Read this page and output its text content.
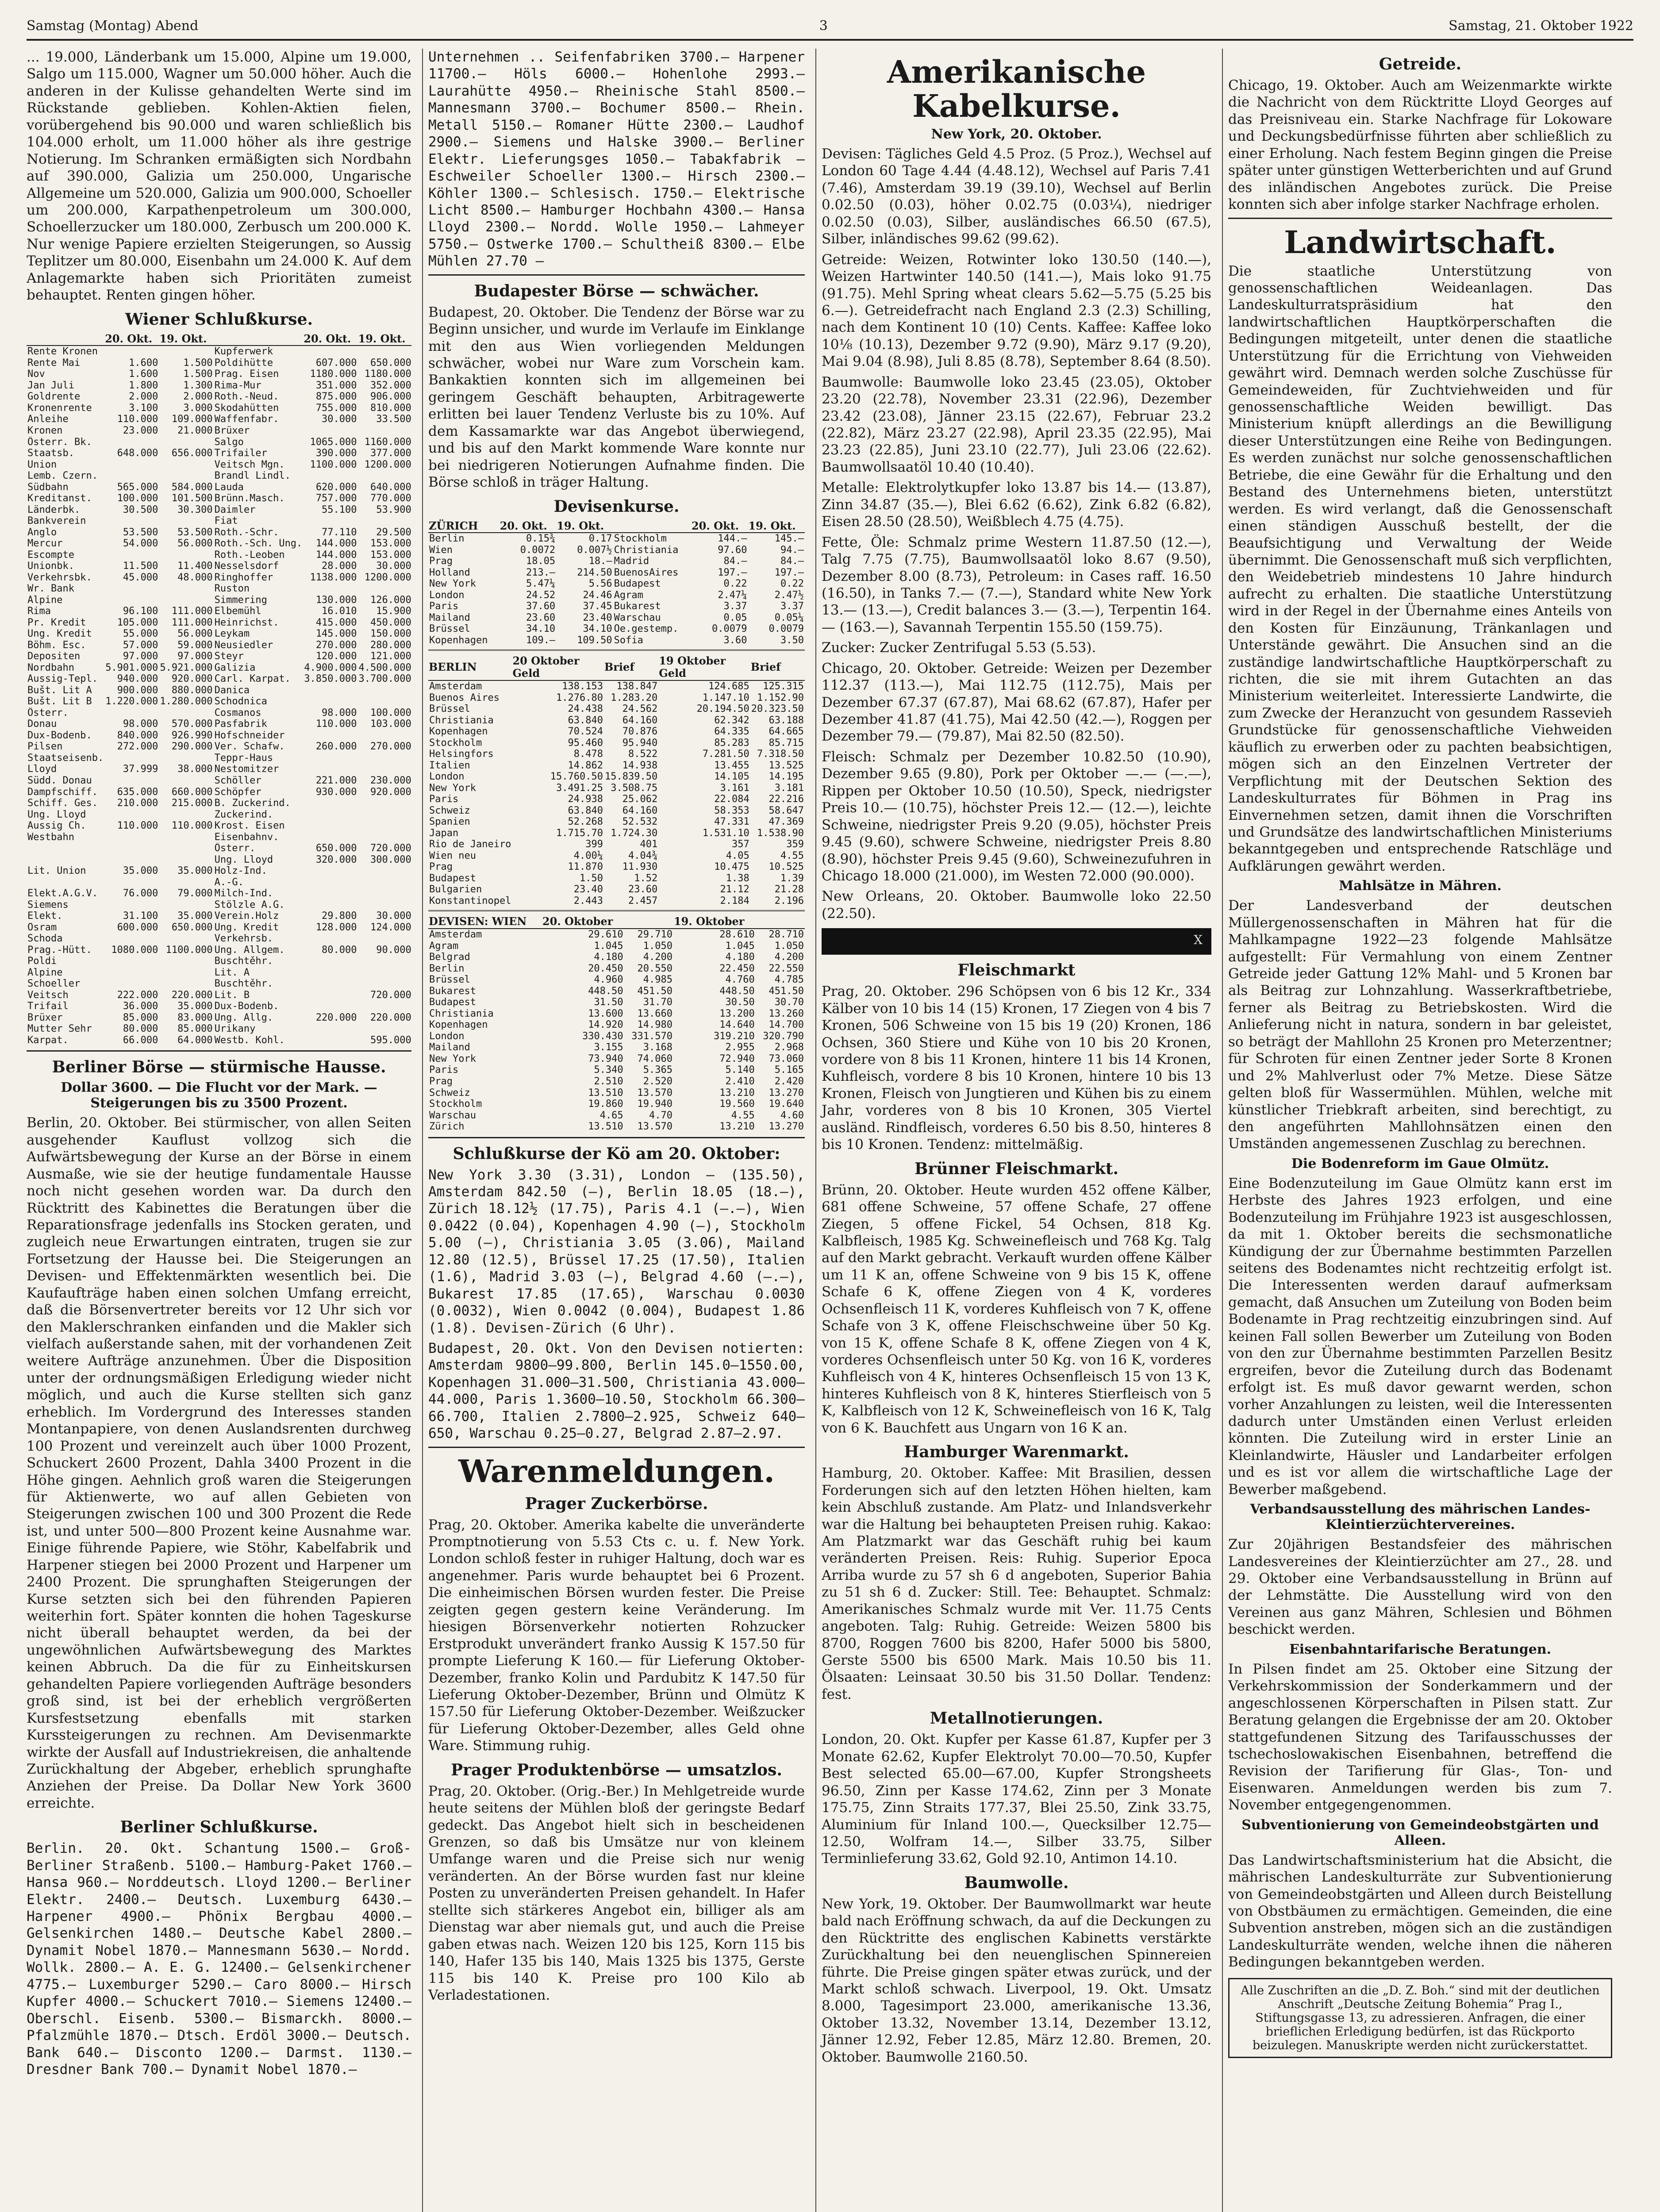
Samstag (Montag) Abend	3	Samstag, 21. Oktober 1922

... 19.000, Länderbank um 15.000, Alpine um 19.000, Salgo um 115.000, Wagner um 50.000 höher. Auch die anderen in der Kulisse gehandelten Werte sind im Rückstande geblieben. Kohlen-Aktien fielen, vorübergehend bis 90.000 und waren schließlich bis 104.000 erholt, um 11.000 höher als ihre gestrige Notierung. Im Schranken ermäßigten sich Nordbahn auf 390.000, Galizia um 250.000, Ungarische Allgemeine um 520.000, Galizia um 900.000, Schoeller um 200.000, Karpathenpetroleum um 300.000, Schoellerzucker um 180.000, Zerbusch um 200.000 K. Nur wenige Papiere erzielten Steigerungen, so Aussig Teplitzer um 80.000, Eisenbahn um 24.000 K. Auf dem Anlagemarkte haben sich Prioritäten zumeist behauptet. Renten gingen höher.

Wiener Schlußkurse.
	20. Okt.	19. Okt.		20. Okt.	19. Okt.
Rente Kronen			Kupferwerk		
Rente Mai	1.600	1.500	Poldihütte	607.000	650.000
Nov	1.600	1.500	Prag. Eisen	1180.000	1180.000
Jan Juli	1.800	1.300	Rima-Mur	351.000	352.000
Goldrente	2.000	2.000	Roth.-Neud.	875.000	906.000
Kronenrente	3.100	3.000	Skodahütten	755.000	810.000
Anleihe	110.000	109.000	Waffenfabr.	30.000	33.500
Kronen	23.000	21.000	Brüxer		
Österr. Bk.			Salgo	1065.000	1160.000
Staatsb.	648.000	656.000	Trifailer	390.000	377.000
Union			Veitsch Mgn.	1100.000	1200.000
Lemb. Czern.			Brandl Lindl.		
Südbahn	565.000	584.000	Lauda	620.000	640.000
Kreditanst.	100.000	101.500	Brünn.Masch.	757.000	770.000
Länderbk.	30.500	30.300	Daimler	55.100	53.900
Bankverein			Fiat		
Anglo	53.500	53.500	Roth.-Schr.	77.110	29.500
Mercur	54.000	56.000	Roth.-Sch. Ung.	144.000	153.000
Escompte			Roth.-Leoben	144.000	153.000
Unionbk.	11.500	11.400	Nesselsdorf	28.000	30.000
Verkehrsbk.	45.000	48.000	Ringhoffer	1138.000	1200.000
Wr. Bank			Ruston		
Alpine			Simmering	130.000	126.000
Rima	96.100	111.000	Elbemühl	16.010	15.900
Pr. Kredit	105.000	111.000	Heinrichst.	415.000	450.000
Ung. Kredit	55.000	56.000	Leykam	145.000	150.000
Böhm. Esc.	57.000	59.000	Neusiedler	270.000	280.000
Depositen	97.000	97.000	Steyr	120.000	121.000
Nordbahn	5.901.000	5.921.000	Galizia	4.900.000	4.500.000
Aussig-Tepl.	940.000	920.000	Carl. Karpat.	3.850.000	3.700.000
Bušt. Lit A	900.000	880.000	Danica		
Bušt. Lit B	1.220.000	1.280.000	Schodnica		
Österr.			Cosmanos	98.000	100.000
Donau	98.000	570.000	Pasfabrik	110.000	103.000
Dux-Bodenb.	840.000	926.990	Hofschneider		
Pilsen	272.000	290.000	Ver. Schafw.	260.000	270.000
Staatseisenb.			Teppr-Haus		
Lloyd	37.999	38.000	Nestomitzer		
Südd. Donau			Schöller	221.000	230.000
Dampfschiff.	635.000	660.000	Schöpfer	930.000	920.000
Schiff. Ges.	210.000	215.000	B. Zuckerind.		
Ung. Lloyd			Zuckerind.		
Aussig Ch.	110.000	110.000	Krost. Eisen		
Westbahn			Eisenbahnv.		
			Österr.	650.000	720.000
			Ung. Lloyd	320.000	300.000
Lit. Union	35.000	35.000	Holz-Ind.		
			A.-G.		
Elekt.A.G.V.	76.000	79.000	Milch-Ind.		
Siemens			Stölzle A.G.		
Elekt.	31.100	35.000	Verein.Holz	29.800	30.000
Osram	600.000	650.000	Ung. Kredit	128.000	124.000
Schoda			Verkehrsb.		
Prag.-Hütt.	1080.000	1100.000	Ung. Allgem.	80.000	90.000
Poldi			Buschtěhr.		
Alpine			Lit. A		
Schoeller			Buschtěhr.		
Veitsch	222.000	220.000	Lit. B		720.000
Trifail	36.000	35.000	Dux-Bodenb.		
Brüxer	85.000	83.000	Ung. Allg.	220.000	220.000
Mutter Sehr	80.000	85.000	Urikany		
Karpat.	66.000	64.000	Westb. Kohl.		595.000
Berliner Börse — stürmische Hausse.
Dollar 3600. — Die Flucht vor der Mark. — Steigerungen bis zu 3500 Prozent.

Berlin, 20. Oktober. Bei stürmischer, von allen Seiten ausgehender Kauflust vollzog sich die Aufwärtsbewegung der Kurse an der Börse in einem Ausmaße, wie sie der heutige fundamentale Hausse noch nicht gesehen worden war. Da durch den Rücktritt des Kabinettes die Beratungen über die Reparationsfrage jedenfalls ins Stocken geraten, und zugleich neue Erwartungen eintraten, trugen sie zur Fortsetzung der Hausse bei. Die Steigerungen an Devisen- und Effektenmärkten wesentlich bei. Die Kaufaufträge haben einen solchen Umfang erreicht, daß die Börsenvertreter bereits vor 12 Uhr sich vor den Maklerschranken einfanden und die Makler sich vielfach außerstande sahen, mit der vorhandenen Zeit weitere Aufträge anzunehmen. Über die Disposition unter der ordnungsmäßigen Erledigung wieder nicht möglich, und auch die Kurse stellten sich ganz erheblich. Im Vordergrund des Interesses standen Montanpapiere, von denen Auslandsrenten durchweg 100 Prozent und vereinzelt auch über 1000 Prozent, Schuckert 2600 Prozent, Dahla 3400 Prozent in die Höhe gingen. Aehnlich groß waren die Steigerungen für Aktienwerte, wo auf allen Gebieten von Steigerungen zwischen 100 und 300 Prozent die Rede ist, und unter 500—800 Prozent keine Ausnahme war. Einige führende Papiere, wie Stöhr, Kabelfabrik und Harpener stiegen bei 2000 Prozent und Harpener um 2400 Prozent. Die sprunghaften Steigerungen der Kurse setzten sich bei den führenden Papieren weiterhin fort. Später konnten die hohen Tageskurse nicht überall behauptet werden, da bei der ungewöhnlichen Aufwärtsbewegung des Marktes keinen Abbruch. Da die für zu Einheitskursen gehandelten Papiere vorliegenden Aufträge besonders groß sind, ist bei der erheblich vergrößerten Kursfestsetzung ebenfalls mit starken Kurssteigerungen zu rechnen. Am Devisenmarkte wirkte der Ausfall auf Industriekreisen, die anhaltende Zurückhaltung der Abgeber, erheblich sprunghafte Anziehen der Preise. Da Dollar New York 3600 erreichte.

Berliner Schlußkurse.

Berlin. 20. Okt. Schantung 1500.— Groß-Berliner Straßenb. 5100.— Hamburg-Paket 1760.— Hansa 960.— Norddeutsch. Lloyd 1200.— Berliner Elektr. 2400.— Deutsch. Luxemburg 6430.— Harpener 4900.— Phönix Bergbau 4000.— Gelsenkirchen 1480.— Deutsche Kabel 2800.— Dynamit Nobel 1870.— Mannesmann 5630.— Nordd. Wollk. 2800.— A. E. G. 12400.— Gelsenkirchener 4775.— Luxemburger 5290.— Caro 8000.— Hirsch Kupfer 4000.— Schuckert 7010.— Siemens 12400.— Oberschl. Eisenb. 5300.— Bismarckh. 8000.— Pfalzmühle 1870.— Dtsch. Erdöl 3000.— Deutsch. Bank 640.— Disconto 1200.— Darmst. 1130.— Dresdner Bank 700.— Dynamit Nobel 1870.—

Unternehmen .. Seifenfabriken 3700.— Harpener 11700.— Höls 6000.— Hohenlohe 2993.— Laurahütte 4950.— Rheinische Stahl 8500.— Mannesmann 3700.— Bochumer 8500.— Rhein. Metall 5150.— Romaner Hütte 2300.— Laudhof 2900.— Siemens und Halske 3900.— Berliner Elektr. Lieferungsges 1050.— Tabakfabrik — Eschweiler Schoeller 1300.— Hirsch 2300.— Köhler 1300.— Schlesisch. 1750.— Elektrische Licht 8500.— Hamburger Hochbahn 4300.— Hansa Lloyd 2300.— Nordd. Wolle 1950.— Lahmeyer 5750.— Ostwerke 1700.— Schultheiß 8300.— Elbe Mühlen 27.70 —

Budapester Börse — schwächer.

Budapest, 20. Oktober. Die Tendenz der Börse war zu Beginn unsicher, und wurde im Verlaufe im Einklange mit den aus Wien vorliegenden Meldungen schwächer, wobei nur Ware zum Vorschein kam. Bankaktien konnten sich im allgemeinen bei geringem Geschäft behaupten, Arbitragewerte erlitten bei lauer Tendenz Verluste bis zu 10%. Auf dem Kassamarkte war das Angebot überwiegend, und bis auf den Markt kommende Ware konnte nur bei niedrigeren Notierungen Aufnahme finden. Die Börse schloß in träger Haltung.

Devisenkurse.
ZÜRICH	20. Okt.	19. Okt.		20. Okt.	19. Okt.
Berlin	0.15¾	0.17	Stockholm	144.—	145.—
Wien	0.0072	0.007½	Christiania	97.60	94.—
Prag	18.05	18.—	Madrid	84.—	84.—
Holland	213.—	214.50	BuenosAires	197.—	197.—
New York	5.47¼	5.56	Budapest	0.22	0.22
London	24.52	24.46	Agram	2.47¼	2.47½
Paris	37.60	37.45	Bukarest	3.37	3.37
Mailand	23.60	23.40	Warschau	0.05	0.05¼
Brüssel	34.10	34.10	Oe.gestemp.	0.0079	0.0079
Kopenhagen	109.—	109.50	Sofia	3.60	3.50
BERLIN	20 Oktober Geld	Brief	19 Oktober Geld	Brief
Amsterdam	138.153	138.847	124.685	125.315
Buenos Aires	1.276.80	1.283.20	1.147.10	1.152.90
Brüssel	24.438	24.562	20.194.50	20.323.50
Christiania	63.840	64.160	62.342	63.188
Kopenhagen	70.524	70.876	64.335	64.665
Stockholm	95.460	95.940	85.283	85.715
Helsingfors	8.478	8.522	7.281.50	7.318.50
Italien	14.862	14.938	13.455	13.525
London	15.760.50	15.839.50	14.105	14.195
New York	3.491.25	3.508.75	3.161	3.181
Paris	24.938	25.062	22.084	22.216
Schweiz	63.840	64.160	58.353	58.647
Spanien	52.268	52.532	47.331	47.369
Japan	1.715.70	1.724.30	1.531.10	1.538.90
Rio de Janeiro	399	401	357	359
Wien neu	4.00¼	4.04¾	4.05	4.55
Prag	11.870	11.930	10.475	10.525
Budapest	1.50	1.52	1.38	1.39
Bulgarien	23.40	23.60	21.12	21.28
Konstantinopel	2.443	2.457	2.184	2.196
DEVISEN: WIEN	20. Oktober		19. Oktober	
Amsterdam	29.610	29.710	28.610	28.710
Agram	1.045	1.050	1.045	1.050
Belgrad	4.180	4.200	4.180	4.200
Berlin	20.450	20.550	22.450	22.550
Brüssel	4.960	4.985	4.760	4.785
Bukarest	448.50	451.50	448.50	451.50
Budapest	31.50	31.70	30.50	30.70
Christiania	13.600	13.660	13.200	13.260
Kopenhagen	14.920	14.980	14.640	14.700
London	330.430	331.570	319.210	320.790
Mailand	3.155	3.168	2.955	2.968
New York	73.940	74.060	72.940	73.060
Paris	5.340	5.365	5.140	5.165
Prag	2.510	2.520	2.410	2.420
Schweiz	13.510	13.570	13.210	13.270
Stockholm	19.860	19.940	19.560	19.640
Warschau	4.65	4.70	4.55	4.60
Zürich	13.510	13.570	13.210	13.270
Schlußkurse der Kö am 20. Oktober:

New York 3.30 (3.31), London — (135.50), Amsterdam 842.50 (—), Berlin 18.05 (18.—), Zürich 18.12½ (17.75), Paris 4.1 (—.—), Wien 0.0422 (0.04), Kopenhagen 4.90 (—), Stockholm 5.00 (—), Christiania 3.05 (3.06), Mailand 12.80 (12.5), Brüssel 17.25 (17.50), Italien (1.6), Madrid 3.03 (—), Belgrad 4.60 (—.—), Bukarest 17.85 (17.65), Warschau 0.0030 (0.0032), Wien 0.0042 (0.004), Budapest 1.86 (1.8). Devisen-Zürich (6 Uhr).

Budapest, 20. Okt. Von den Devisen notierten: Amsterdam 9800—99.800, Berlin 145.0—1550.00, Kopenhagen 31.000—31.500, Christiania 43.000—44.000, Paris 1.3600—10.50, Stockholm 66.300—66.700, Italien 2.7800—2.925, Schweiz 640—650, Warschau 0.25—0.27, Belgrad 2.87—2.97.

Warenmeldungen.
Prager Zuckerbörse.

Prag, 20. Oktober. Amerika kabelte die unveränderte Promptnotierung von 5.53 Cts c. u. f. New York. London schloß fester in ruhiger Haltung, doch war es angenehmer. Paris wurde behauptet bei 6 Prozent. Die einheimischen Börsen wurden fester. Die Preise zeigten gegen gestern keine Veränderung. Im hiesigen Börsenverkehr notierten Rohzucker Erstprodukt unverändert franko Aussig K 157.50 für prompte Lieferung K 160.— für Lieferung Oktober-Dezember, franko Kolin und Pardubitz K 147.50 für Lieferung Oktober-Dezember, Brünn und Olmütz K 157.50 für Lieferung Oktober-Dezember. Weißzucker für Lieferung Oktober-Dezember, alles Geld ohne Ware. Stimmung ruhig.

Prager Produktenbörse — umsatzlos.

Prag, 20. Oktober. (Orig.-Ber.) In Mehlgetreide wurde heute seitens der Mühlen bloß der geringste Bedarf gedeckt. Das Angebot hielt sich in bescheidenen Grenzen, so daß bis Umsätze nur von kleinem Umfange waren und die Preise sich nur wenig veränderten. An der Börse wurden fast nur kleine Posten zu unveränderten Preisen gehandelt. In Hafer stellte sich stärkeres Angebot ein, billiger als am Dienstag war aber niemals gut, und auch die Preise gaben etwas nach. Weizen 120 bis 125, Korn 115 bis 140, Hafer 135 bis 140, Mais 1325 bis 1375, Gerste 115 bis 140 K. Preise pro 100 Kilo ab Verladestationen.

Amerikanische Kabelkurse.
New York, 20. Oktober.

Devisen: Tägliches Geld 4.5 Proz. (5 Proz.), Wechsel auf London 60 Tage 4.44 (4.48.12), Wechsel auf Paris 7.41 (7.46), Amsterdam 39.19 (39.10), Wechsel auf Berlin 0.02.50 (0.03), höher 0.02.75 (0.03¼), niedriger 0.02.50 (0.03), Silber, ausländisches 66.50 (67.5), Silber, inländisches 99.62 (99.62).

Getreide: Weizen, Rotwinter loko 130.50 (140.—), Weizen Hartwinter 140.50 (141.—), Mais loko 91.75 (91.75). Mehl Spring wheat clears 5.62—5.75 (5.25 bis 6.—). Getreidefracht nach England 2.3 (2.3) Schilling, nach dem Kontinent 10 (10) Cents. Kaffee: Kaffee loko 10⅛ (10.13), Dezember 9.72 (9.90), März 9.17 (9.20), Mai 9.04 (8.98), Juli 8.85 (8.78), September 8.64 (8.50).

Baumwolle: Baumwolle loko 23.45 (23.05), Oktober 23.20 (22.78), November 23.31 (22.96), Dezember 23.42 (23.08), Jänner 23.15 (22.67), Februar 23.2 (22.82), März 23.27 (22.98), April 23.35 (22.95), Mai 23.23 (22.85), Juni 23.10 (22.77), Juli 23.06 (22.62). Baumwollsaatöl 10.40 (10.40).

Metalle: Elektrolytkupfer loko 13.87 bis 14.— (13.87), Zinn 34.87 (35.—), Blei 6.62 (6.62), Zink 6.82 (6.82), Eisen 28.50 (28.50), Weißblech 4.75 (4.75).

Fette, Öle: Schmalz prime Western 11.87.50 (12.—), Talg 7.75 (7.75), Baumwollsaatöl loko 8.67 (9.50), Dezember 8.00 (8.73), Petroleum: in Cases raff. 16.50 (16.50), in Tanks 7.— (7.—), Standard white New York 13.— (13.—), Credit balances 3.— (3.—), Terpentin 164.— (163.—), Savannah Terpentin 155.50 (159.75).

Zucker: Zucker Zentrifugal 5.53 (5.53).

Chicago, 20. Oktober. Getreide: Weizen per Dezember 112.37 (113.—), Mai 112.75 (112.75), Mais per Dezember 67.37 (67.87), Mai 68.62 (67.87), Hafer per Dezember 41.87 (41.75), Mai 42.50 (42.—), Roggen per Dezember 79.— (79.87), Mai 82.50 (82.50).

Fleisch: Schmalz per Dezember 10.82.50 (10.90), Dezember 9.65 (9.80), Pork per Oktober —.— (—.—), Rippen per Oktober 10.50 (10.50), Speck, niedrigster Preis 10.— (10.75), höchster Preis 12.— (12.—), leichte Schweine, niedrigster Preis 9.20 (9.05), höchster Preis 9.45 (9.60), schwere Schweine, niedrigster Preis 8.80 (8.90), höchster Preis 9.45 (9.60), Schweinezufuhren in Chicago 18.000 (21.000), im Westen 72.000 (90.000).

New Orleans, 20. Oktober. Baumwolle loko 22.50 (22.50).

X
Fleischmarkt

Prag, 20. Oktober. 296 Schöpsen von 6 bis 12 Kr., 334 Kälber von 10 bis 14 (15) Kronen, 17 Ziegen von 4 bis 7 Kronen, 506 Schweine von 15 bis 19 (20) Kronen, 186 Ochsen, 360 Stiere und Kühe von 10 bis 20 Kronen, vordere von 8 bis 11 Kronen, hintere 11 bis 14 Kronen, Kuhfleisch, vordere 8 bis 10 Kronen, hintere 10 bis 13 Kronen, Fleisch von Jungtieren und Kühen bis zu einem Jahr, vorderes von 8 bis 10 Kronen, 305 Viertel ausländ. Rindfleisch, vorderes 6.50 bis 8.50, hinteres 8 bis 10 Kronen. Tendenz: mittelmäßig.

Brünner Fleischmarkt.

Brünn, 20. Oktober. Heute wurden 452 offene Kälber, 681 offene Schweine, 57 offene Schafe, 27 offene Ziegen, 5 offene Fickel, 54 Ochsen, 818 Kg. Kalbfleisch, 1985 Kg. Schweinefleisch und 768 Kg. Talg auf den Markt gebracht. Verkauft wurden offene Kälber um 11 K an, offene Schweine von 9 bis 15 K, offene Schafe 6 K, offene Ziegen von 4 K, vorderes Ochsenfleisch 11 K, vorderes Kuhfleisch von 7 K, offene Schafe von 3 K, offene Fleischschweine über 50 Kg. von 15 K, offene Schafe 8 K, offene Ziegen von 4 K, vorderes Ochsenfleisch unter 50 Kg. von 16 K, vorderes Kuhfleisch von 4 K, hinteres Ochsenfleisch 15 von 13 K, hinteres Kuhfleisch von 8 K, hinteres Stierfleisch von 5 K, Kalbfleisch von 12 K, Schweinefleisch von 16 K, Talg von 6 K. Bauchfett aus Ungarn von 16 K an.

Hamburger Warenmarkt.

Hamburg, 20. Oktober. Kaffee: Mit Brasilien, dessen Forderungen sich auf den letzten Höhen hielten, kam kein Abschluß zustande. Am Platz- und Inlandsverkehr war die Haltung bei behaupteten Preisen ruhig. Kakao: Am Platzmarkt war das Geschäft ruhig bei kaum veränderten Preisen. Reis: Ruhig. Superior Epoca Arriba wurde zu 57 sh 6 d angeboten, Superior Bahia zu 51 sh 6 d. Zucker: Still. Tee: Behauptet. Schmalz: Amerikanisches Schmalz wurde mit Ver. 11.75 Cents angeboten. Talg: Ruhig. Getreide: Weizen 5800 bis 8700, Roggen 7600 bis 8200, Hafer 5000 bis 5800, Gerste 5500 bis 6500 Mark. Mais 10.50 bis 11. Ölsaaten: Leinsaat 30.50 bis 31.50 Dollar. Tendenz: fest.

Metallnotierungen.

London, 20. Okt. Kupfer per Kasse 61.87, Kupfer per 3 Monate 62.62, Kupfer Elektrolyt 70.00—70.50, Kupfer Best selected 65.00—67.00, Kupfer Strongsheets 96.50, Zinn per Kasse 174.62, Zinn per 3 Monate 175.75, Zinn Straits 177.37, Blei 25.50, Zink 33.75, Aluminium für Inland 100.—, Quecksilber 12.75—12.50, Wolfram 14.—, Silber 33.75, Silber Terminlieferung 33.62, Gold 92.10, Antimon 14.10.

Baumwolle.

New York, 19. Oktober. Der Baumwollmarkt war heute bald nach Eröffnung schwach, da auf die Deckungen zu den Rücktritte des englischen Kabinetts verstärkte Zurückhaltung bei den neuenglischen Spinnereien führte. Die Preise gingen später etwas zurück, und der Markt schloß schwach. Liverpool, 19. Okt. Umsatz 8.000, Tagesimport 23.000, amerikanische 13.36, Oktober 13.32, November 13.14, Dezember 13.12, Jänner 12.92, Feber 12.85, März 12.80. Bremen, 20. Oktober. Baumwolle 2160.50.

Getreide.

Chicago, 19. Oktober. Auch am Weizenmarkte wirkte die Nachricht von dem Rücktritte Lloyd Georges auf das Preisniveau ein. Starke Nachfrage für Lokoware und Deckungsbedürfnisse führten aber schließlich zu einer Erholung. Nach festem Beginn gingen die Preise später unter günstigen Wetterberichten und auf Grund des inländischen Angebotes zurück. Die Preise konnten sich aber infolge starker Nachfrage erholen.

Landwirtschaft.

Die staatliche Unterstützung von genossenschaftlichen Weideanlagen. Das Landeskulturratspräsidium hat den landwirtschaftlichen Hauptkörperschaften die Bedingungen mitgeteilt, unter denen die staatliche Unterstützung für die Errichtung von Viehweiden gewährt wird. Demnach werden solche Zuschüsse für Gemeindeweiden, für Zuchtviehweiden und für genossenschaftliche Weiden bewilligt. Das Ministerium knüpft allerdings an die Bewilligung dieser Unterstützungen eine Reihe von Bedingungen. Es werden zunächst nur solche genossenschaftlichen Betriebe, die eine Gewähr für die Erhaltung und den Bestand des Unternehmens bieten, unterstützt werden. Es wird verlangt, daß die Genossenschaft einen ständigen Ausschuß bestellt, der die Beaufsichtigung und Verwaltung der Weide übernimmt. Die Genossenschaft muß sich verpflichten, den Weidebetrieb mindestens 10 Jahre hindurch aufrecht zu erhalten. Die staatliche Unterstützung wird in der Regel in der Übernahme eines Anteils von den Kosten für Einzäunung, Tränkanlagen und Unterstände gewährt. Die Ansuchen sind an die zuständige landwirtschaftliche Hauptkörperschaft zu richten, die sie mit ihrem Gutachten an das Ministerium weiterleitet. Interessierte Landwirte, die zum Zwecke der Heranzucht von gesundem Rassevieh Grundstücke für genossenschaftliche Viehweiden käuflich zu erwerben oder zu pachten beabsichtigen, mögen sich an den Einzelnen Vertreter der Verpflichtung mit der Deutschen Sektion des Landeskulturrates für Böhmen in Prag ins Einvernehmen setzen, damit ihnen die Vorschriften und Grundsätze des landwirtschaftlichen Ministeriums bekanntgegeben und entsprechende Ratschläge und Aufklärungen gewährt werden.

Mahlsätze in Mähren.

Der Landesverband der deutschen Müllergenossenschaften in Mähren hat für die Mahlkampagne 1922—23 folgende Mahlsätze aufgestellt: Für Vermahlung von einem Zentner Getreide jeder Gattung 12% Mahl- und 5 Kronen bar als Beitrag zur Lohnzahlung. Wasserkraftbetriebe, ferner als Beitrag zu Betriebskosten. Wird die Anlieferung nicht in natura, sondern in bar geleistet, so beträgt der Mahllohn 25 Kronen pro Meterzentner; für Schroten für einen Zentner jeder Sorte 8 Kronen und 2% Mahlverlust oder 7% Metze. Diese Sätze gelten bloß für Wassermühlen. Mühlen, welche mit künstlicher Triebkraft arbeiten, sind berechtigt, zu den angeführten Mahllohnsätzen einen den Umständen angemessenen Zuschlag zu berechnen.

Die Bodenreform im Gaue Olmütz.

Eine Bodenzuteilung im Gaue Olmütz kann erst im Herbste des Jahres 1923 erfolgen, und eine Bodenzuteilung im Frühjahre 1923 ist ausgeschlossen, da mit 1. Oktober bereits die sechsmonatliche Kündigung der zur Übernahme bestimmten Parzellen seitens des Bodenamtes nicht rechtzeitig erfolgt ist. Die Interessenten werden darauf aufmerksam gemacht, daß Ansuchen um Zuteilung von Boden beim Bodenamte in Prag rechtzeitig einzubringen sind. Auf keinen Fall sollen Bewerber um Zuteilung von Boden von den zur Übernahme bestimmten Parzellen Besitz ergreifen, bevor die Zuteilung durch das Bodenamt erfolgt ist. Es muß davor gewarnt werden, schon vorher Anzahlungen zu leisten, weil die Interessenten dadurch unter Umständen einen Verlust erleiden könnten. Die Zuteilung wird in erster Linie an Kleinlandwirte, Häusler und Landarbeiter erfolgen und es ist vor allem die wirtschaftliche Lage der Bewerber maßgebend.

Verbandsausstellung des mährischen Landes-Kleintierzüchtervereines.

Zur 20jährigen Bestandsfeier des mährischen Landesvereines der Kleintierzüchter am 27., 28. und 29. Oktober eine Verbandsausstellung in Brünn auf der Lehmstätte. Die Ausstellung wird von den Vereinen aus ganz Mähren, Schlesien und Böhmen beschickt werden.

Eisenbahntarifarische Beratungen.

In Pilsen findet am 25. Oktober eine Sitzung der Verkehrskommission der Sonderkammern und der angeschlossenen Körperschaften in Pilsen statt. Zur Beratung gelangen die Ergebnisse der am 20. Oktober stattgefundenen Sitzung des Tarifausschusses der tschechoslowakischen Eisenbahnen, betreffend die Revision der Tarifierung für Glas-, Ton- und Eisenwaren. Anmeldungen werden bis zum 7. November entgegengenommen.

Subventionierung von Gemeindeobstgärten und Alleen.

Das Landwirtschaftsministerium hat die Absicht, die mährischen Landeskulturräte zur Subventionierung von Gemeindeobstgärten und Alleen durch Beistellung von Obstbäumen zu ermächtigen. Gemeinden, die eine Subvention anstreben, mögen sich an die zuständigen Landeskulturräte wenden, welche ihnen die näheren Bedingungen bekanntgeben werden.

Alle Zuschriften an die „D. Z. Boh.“ sind mit der deutlichen Anschrift „Deutsche Zeitung Bohemia“ Prag I., Stiftungsgasse 13, zu adressieren. Anfragen, die einer brieflichen Erledigung bedürfen, ist das Rückporto beizulegen. Manuskripte werden nicht zurückerstattet.
